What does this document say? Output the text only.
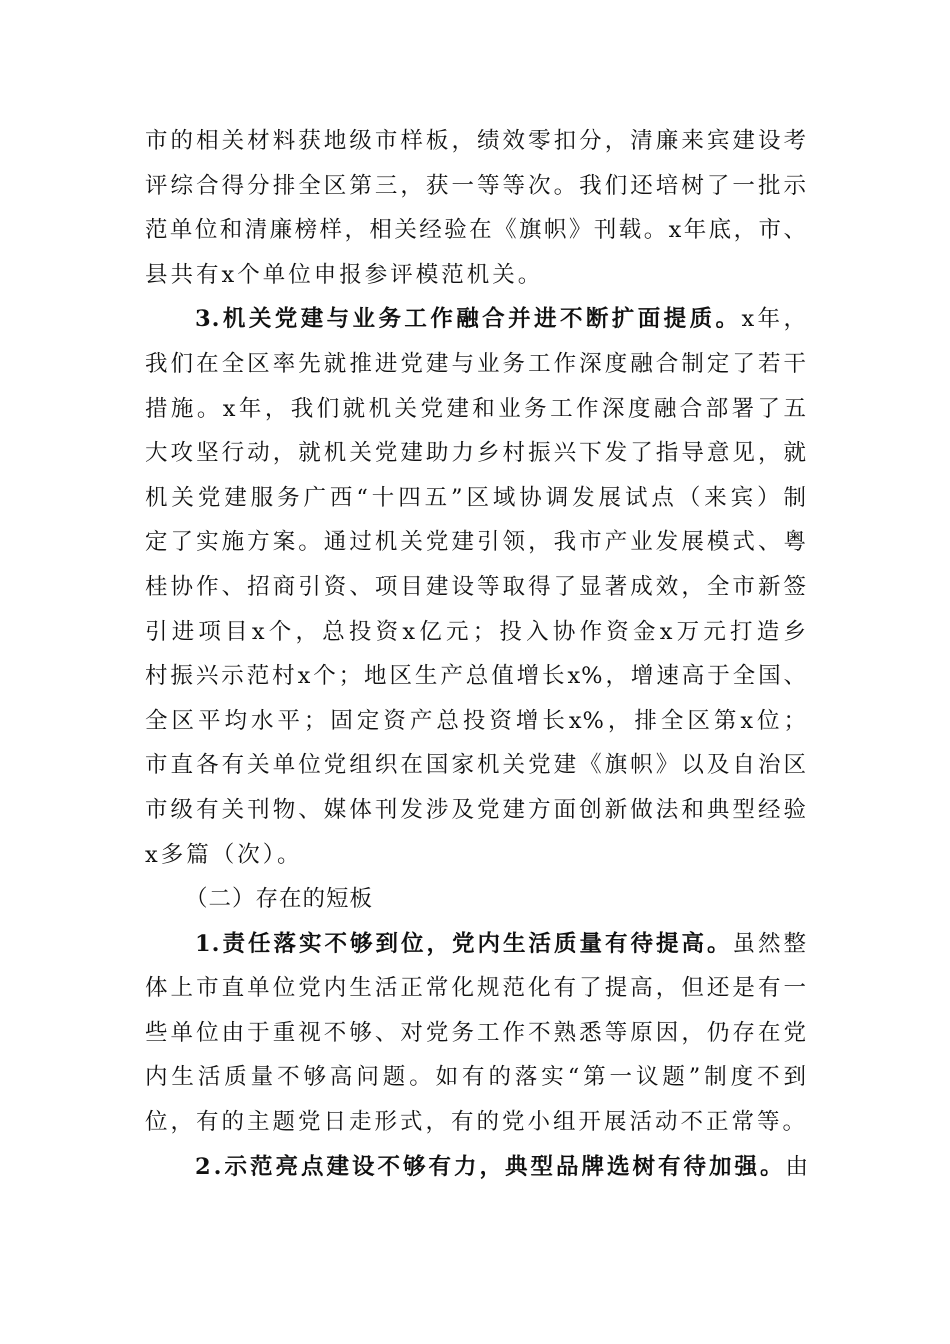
市的相关材料获地级市样板，绩效零扣分，清廉来宾建设考
评综合得分排全区第三，获一等等次。我们还培树了一批示
范单位和清廉榜样，相关经验在《旗帜》刊载。x年底，市、
县共有x个单位申报参评模范机关。
3.机关党建与业务工作融合并进不断扩面提质。x年，
我们在全区率先就推进党建与业务工作深度融合制定了若干
措施。x年，我们就机关党建和业务工作深度融合部署了五
大攻坚行动，就机关党建助力乡村振兴下发了指导意见，就
机关党建服务广西“十四五”区域协调发展试点（来宾）制
定了实施方案。通过机关党建引领，我市产业发展模式、粤
桂协作、招商引资、项目建设等取得了显著成效，全市新签
引进项目x个，总投资x亿元；投入协作资金x万元打造乡
村振兴示范村x个；地区生产总值增长x%，增速高于全国、
全区平均水平；固定资产总投资增长x%，排全区第x位；
市直各有关单位党组织在国家机关党建《旗帜》以及自治区
市级有关刊物、媒体刊发涉及党建方面创新做法和典型经验
x多篇（次）。
（二）存在的短板
1.责任落实不够到位，党内生活质量有待提高。虽然整
体上市直单位党内生活正常化规范化有了提高，但还是有一
些单位由于重视不够、对党务工作不熟悉等原因，仍存在党
内生活质量不够高问题。如有的落实“第一议题”制度不到
位，有的主题党日走形式，有的党小组开展活动不正常等。
2.示范亮点建设不够有力，典型品牌选树有待加强。由
